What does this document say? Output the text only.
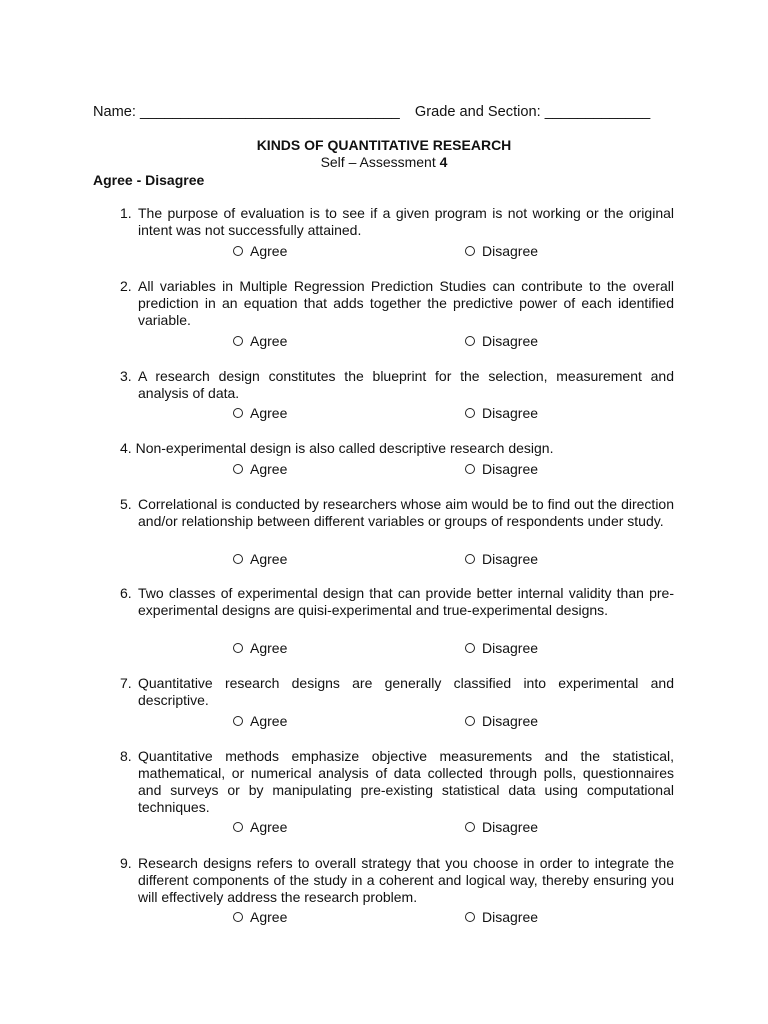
Name: ________________________________ Grade and Section: _____________
KINDS OF QUANTITATIVE RESEARCH
Self – Assessment 4
Agree - Disagree
1. The purpose of evaluation is to see if a given program is not working or the original intent was not successfully attained.
Agree	Disagree
2. All variables in Multiple Regression Prediction Studies can contribute to the overall prediction in an equation that adds together the predictive power of each identified variable.
Agree	Disagree
3. A research design constitutes the blueprint for the selection, measurement and analysis of data.
Agree	Disagree
4. Non-experimental design is also called descriptive research design.
Agree	Disagree
5. Correlational is conducted by researchers whose aim would be to find out the direction and/or relationship between different variables or groups of respondents under study.
Agree	Disagree
6. Two classes of experimental design that can provide better internal validity than pre-experimental designs are quisi-experimental and true-experimental designs.
Agree	Disagree
7. Quantitative research designs are generally classified into experimental and descriptive.
Agree	Disagree
8. Quantitative methods emphasize objective measurements and the statistical, mathematical, or numerical analysis of data collected through polls, questionnaires and surveys or by manipulating pre-existing statistical data using computational techniques.
Agree	Disagree
9. Research designs refers to overall strategy that you choose in order to integrate the different components of the study in a coherent and logical way, thereby ensuring you will effectively address the research problem.
Agree	Disagree
